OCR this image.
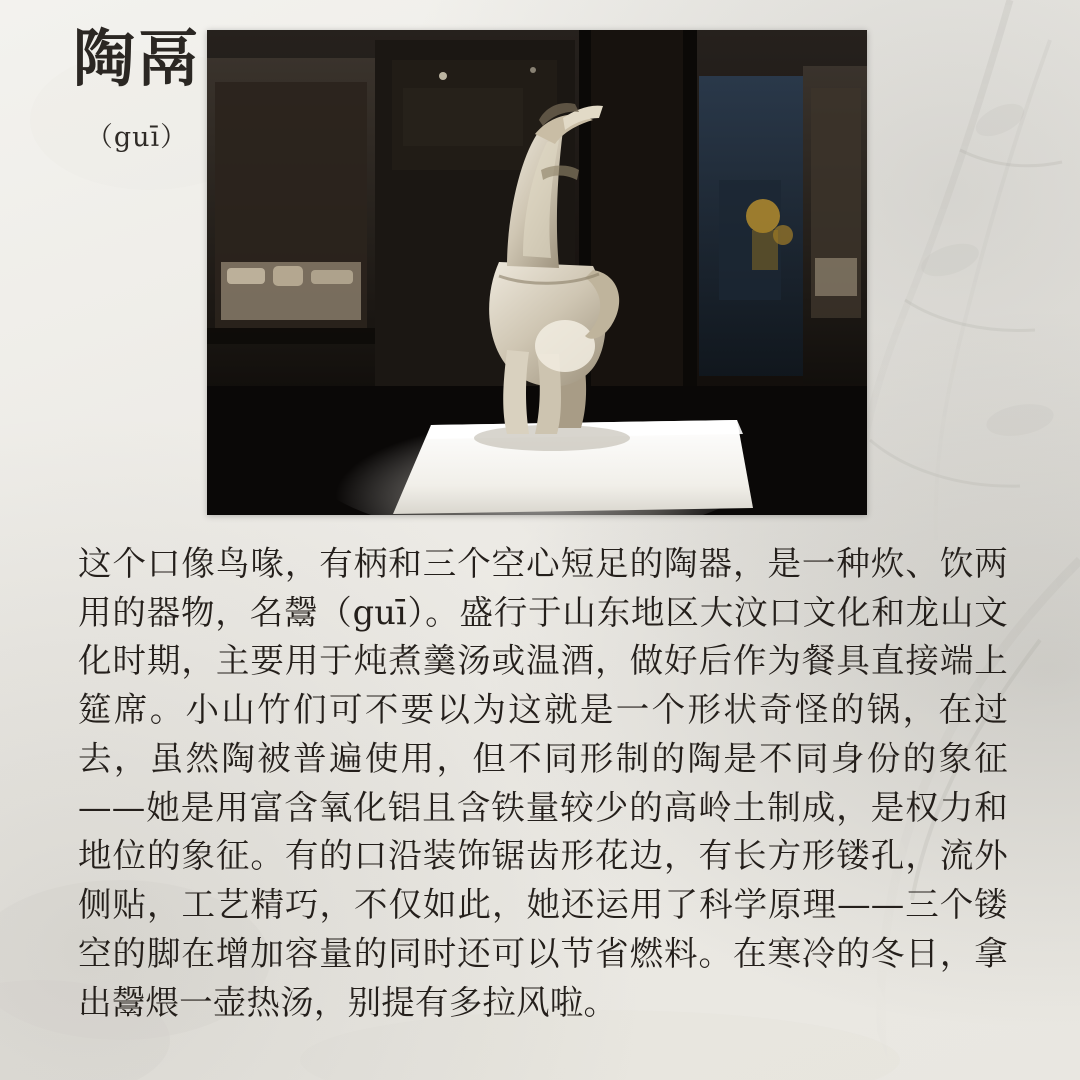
陶鬲
（guī）
这个口像鸟喙，有柄和三个空心短足的陶器，是一种炊、饮两用的器物，名鬶（guī）。盛行于山东地区大汶口文化和龙山文化时期，主要用于炖煮羹汤或温酒，做好后作为餐具直接端上筵席。小山竹们可不要以为这就是一个形状奇怪的锅，在过去，虽然陶被普遍使用，但不同形制的陶是不同身份的象征——她是用富含氧化铝且含铁量较少的高岭土制成，是权力和地位的象征。有的口沿装饰锯齿形花边，有长方形镂孔，流外侧贴，工艺精巧，不仅如此，她还运用了科学原理——三个镂空的脚在增加容量的同时还可以节省燃料。在寒冷的冬日，拿出鬶煨一壶热汤，别提有多拉风啦。
